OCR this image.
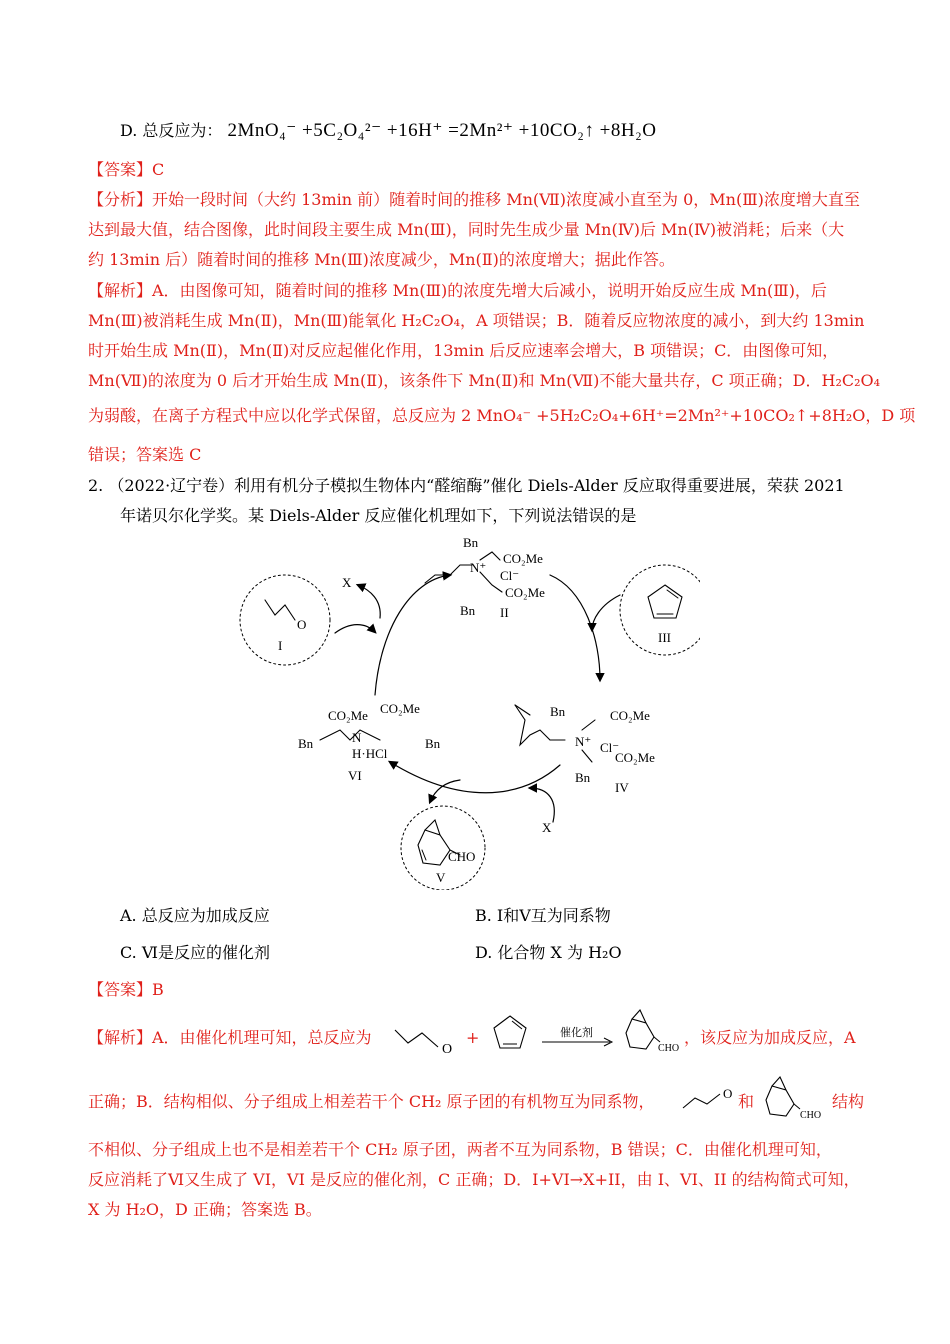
D. 总反应为： 2MnO₄⁻ +5C₂O₄²⁻ +16H⁺ =2Mn²⁺ +10CO₂↑ +8H₂O
【答案】C
【分析】开始一段时间（大约 13min 前）随着时间的推移 Mn(Ⅶ)浓度减小直至为 0，Mn(Ⅲ)浓度增大直至
达到最大值，结合图像，此时间段主要生成 Mn(Ⅲ)，同时先生成少量 Mn(Ⅳ)后 Mn(Ⅳ)被消耗；后来（大
约 13min 后）随着时间的推移 Mn(Ⅲ)浓度减少，Mn(Ⅱ)的浓度增大；据此作答。
【解析】A．由图像可知，随着时间的推移 Mn(Ⅲ)的浓度先增大后减小，说明开始反应生成 Mn(Ⅲ)，后
Mn(Ⅲ)被消耗生成 Mn(Ⅱ)，Mn(Ⅲ)能氧化 H₂C₂O₄，A 项错误；B．随着反应物浓度的减小，到大约 13min
时开始生成 Mn(Ⅱ)，Mn(Ⅱ)对反应起催化作用，13min 后反应速率会增大，B 项错误；C．由图像可知，
Mn(Ⅶ)的浓度为 0 后才开始生成 Mn(Ⅱ)，该条件下 Mn(Ⅱ)和 Mn(Ⅶ)不能大量共存，C 项正确；D．H₂C₂O₄
为弱酸，在离子方程式中应以化学式保留，总反应为 2 MnO₄⁻ +5H₂C₂O₄+6H⁺=2Mn²⁺+10CO₂↑+8H₂O，D 项
错误；答案选 C
2. （2022·辽宁卷）利用有机分子模拟生物体内“醛缩酶”催化 Diels-Alder 反应取得重要进展，荣获 2021
年诺贝尔化学奖。某 Diels-Alder 反应催化机理如下，下列说法错误的是
X
X
O
I
N⁺
Bn
CO₂Me
Cl⁻
CO₂Me
Bn II
III
Bn
N⁺
CO₂Me
Cl⁻
CO₂Me
Bn
IV
CO₂Me CO₂Me
Bn	N	Bn
H·HCl
VI
CHO
V
A. 总反应为加成反应	B. Ⅰ和Ⅴ互为同系物
C. Ⅵ是反应的催化剂	D. 化合物 X 为 H₂O
【答案】B
【解析】A．由催化机理可知，总反应为
O
+	催化剂
CHO
，该反应为加成反应，A
正确；B．结构相似、分子组成上相差若干个 CH₂ 原子团的有机物互为同系物，	O 和
CHO
结构
不相似、分子组成上也不是相差若干个 CH₂ 原子团，两者不互为同系物，B 错误；C．由催化机理可知，
反应消耗了Ⅵ又生成了 VI，VI 是反应的催化剂，C 正确；D．I+VI→X+II，由 I、VI、II 的结构简式可知，
X 为 H₂O，D 正确；答案选 B。
